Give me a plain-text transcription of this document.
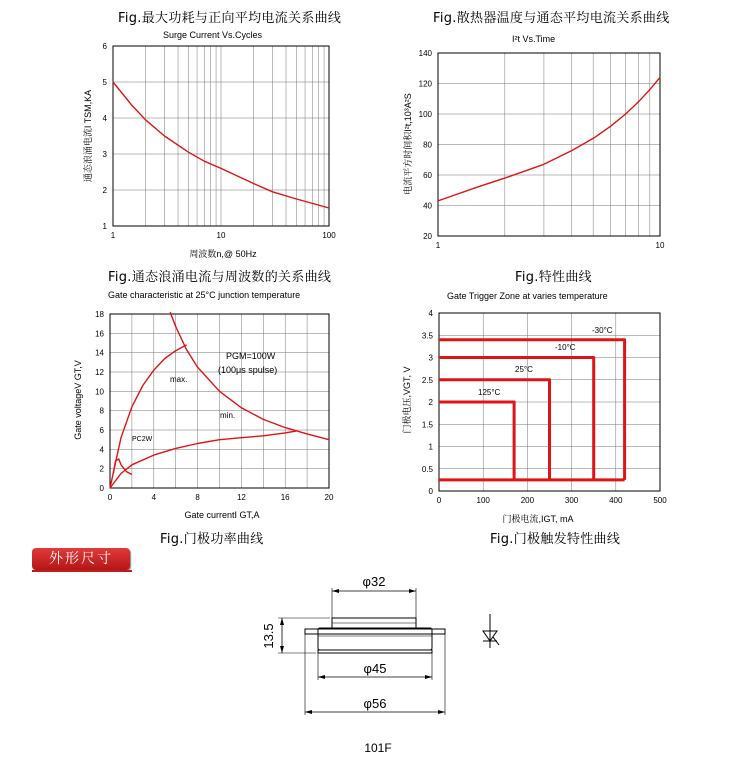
Fig.最大功耗与正向平均电流关系曲线	Fig.散热器温度与通态平均电流关系曲线
Fig.通态浪涌电流与周波数的关系曲线	Fig.特性曲线
Fig.门极功率曲线	Fig.门极触发特性曲线
Surge Current Vs.Cycles	I²t Vs.Time
Gate characteristic at 25°C junction temperature	Gate Trigger Zone at varies temperature
1	10	100
1
2
3
4
5
6
1	10
20
40
60
80
100
120
140
0	4	8	12	16	20
0
2
4
6
8
10
12
14
16
18
0	100	200	300	400	500
0
0.5
1
1.5
2
2.5
3
3.5
4
PGM=100W
(100μs spulse)
max.
min.
PC2W
-30°C
-10°C
25°C
125°C
通态浪涌电流I TSM,KA	电流平方时间积I²t,10³A²S
Gate voltageV GT,V	门极电压,VGT, V
周波数n,@ 50Hz
Gate currentI GT,A	门极电流,IGT, mA
φ32
φ45
φ56
13.5
101F
外形尺寸
